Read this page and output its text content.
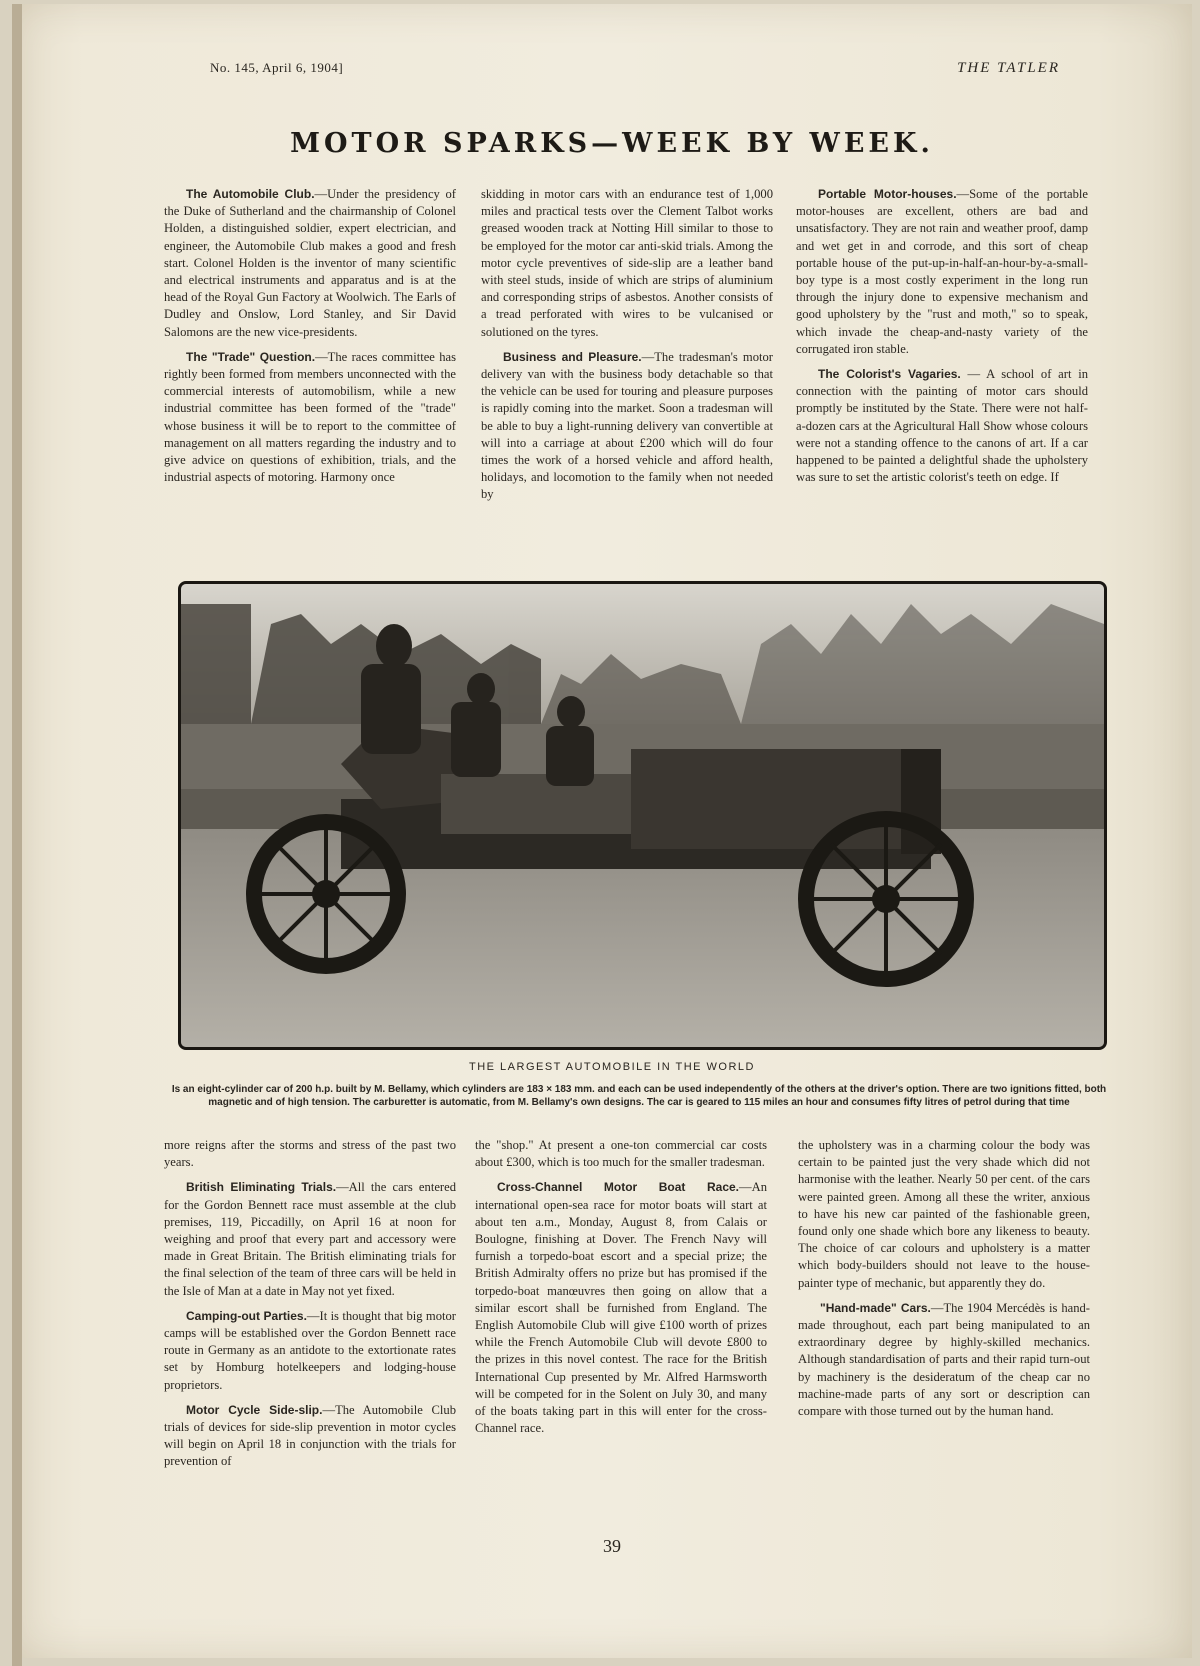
No. 145, April 6, 1904]	THE TATLER
MOTOR SPARKS—WEEK BY WEEK.

The Automobile Club.—Under the presidency of the Duke of Sutherland and the chairmanship of Colonel Holden, a distinguished soldier, expert electrician, and engineer, the Automobile Club makes a good and fresh start. Colonel Holden is the inventor of many scientific and electrical instruments and apparatus and is at the head of the Royal Gun Factory at Woolwich. The Earls of Dudley and Onslow, Lord Stanley, and Sir David Salomons are the new vice-presidents.

The "Trade" Question.—The races committee has rightly been formed from members unconnected with the commercial interests of automobilism, while a new industrial committee has been formed of the "trade" whose business it will be to report to the committee of management on all matters regarding the industry and to give advice on questions of exhibition, trials, and the industrial aspects of motoring. Harmony once

skidding in motor cars with an endurance test of 1,000 miles and practical tests over the Clement Talbot works greased wooden track at Notting Hill similar to those to be employed for the motor car anti-skid trials. Among the motor cycle preventives of side-slip are a leather band with steel studs, inside of which are strips of aluminium and corresponding strips of asbestos. Another consists of a tread perforated with wires to be vulcanised or solutioned on the tyres.

Business and Pleasure.—The tradesman's motor delivery van with the business body detachable so that the vehicle can be used for touring and pleasure purposes is rapidly coming into the market. Soon a tradesman will be able to buy a light-running delivery van convertible at will into a carriage at about £200 which will do four times the work of a horsed vehicle and afford health, holidays, and locomotion to the family when not needed by

Portable Motor-houses.—Some of the portable motor-houses are excellent, others are bad and unsatisfactory. They are not rain and weather proof, damp and wet get in and corrode, and this sort of cheap portable house of the put-up-in-half-an-hour-by-a-small-boy type is a most costly experiment in the long run through the injury done to expensive mechanism and good upholstery by the "rust and moth," so to speak, which invade the cheap-and-nasty variety of the corrugated iron stable.

The Colorist's Vagaries. — A school of art in connection with the painting of motor cars should promptly be instituted by the State. There were not half-a-dozen cars at the Agricultural Hall Show whose colours were not a standing offence to the canons of art. If a car happened to be painted a delightful shade the upholstery was sure to set the artistic colorist's teeth on edge. If

THE LARGEST AUTOMOBILE IN THE WORLD
Is an eight-cylinder car of 200 h.p. built by M. Bellamy, which cylinders are 183 × 183 mm. and each can be used independently of the others at the driver's option. There are two ignitions fitted, both magnetic and of high tension. The carburetter is automatic, from M. Bellamy's own designs. The car is geared to 115 miles an hour and consumes fifty litres of petrol during that time

more reigns after the storms and stress of the past two years.

British Eliminating Trials.—All the cars entered for the Gordon Bennett race must assemble at the club premises, 119, Piccadilly, on April 16 at noon for weighing and proof that every part and accessory were made in Great Britain. The British eliminating trials for the final selection of the team of three cars will be held in the Isle of Man at a date in May not yet fixed.

Camping-out Parties.—It is thought that big motor camps will be established over the Gordon Bennett race route in Germany as an antidote to the extortionate rates set by Homburg hotelkeepers and lodging-house proprietors.

Motor Cycle Side-slip.—The Automobile Club trials of devices for side-slip prevention in motor cycles will begin on April 18 in conjunction with the trials for prevention of

the "shop." At present a one-ton commercial car costs about £300, which is too much for the smaller tradesman.

Cross-Channel Motor Boat Race.—An international open-sea race for motor boats will start at about ten a.m., Monday, August 8, from Calais or Boulogne, finishing at Dover. The French Navy will furnish a torpedo-boat escort and a special prize; the British Admiralty offers no prize but has promised if the torpedo-boat manœuvres then going on allow that a similar escort shall be furnished from England. The English Automobile Club will give £100 worth of prizes while the French Automobile Club will devote £800 to the prizes in this novel contest. The race for the British International Cup presented by Mr. Alfred Harmsworth will be competed for in the Solent on July 30, and many of the boats taking part in this will enter for the cross-Channel race.

the upholstery was in a charming colour the body was certain to be painted just the very shade which did not harmonise with the leather. Nearly 50 per cent. of the cars were painted green. Among all these the writer, anxious to have his new car painted of the fashionable green, found only one shade which bore any likeness to beauty. The choice of car colours and upholstery is a matter which body-builders should not leave to the house-painter type of mechanic, but apparently they do.

"Hand-made" Cars.—The 1904 Mercédès is hand-made throughout, each part being manipulated to an extraordinary degree by highly-skilled mechanics. Although standardisation of parts and their rapid turn-out by machinery is the desideratum of the cheap car no machine-made parts of any sort or description can compare with those turned out by the human hand.

39
